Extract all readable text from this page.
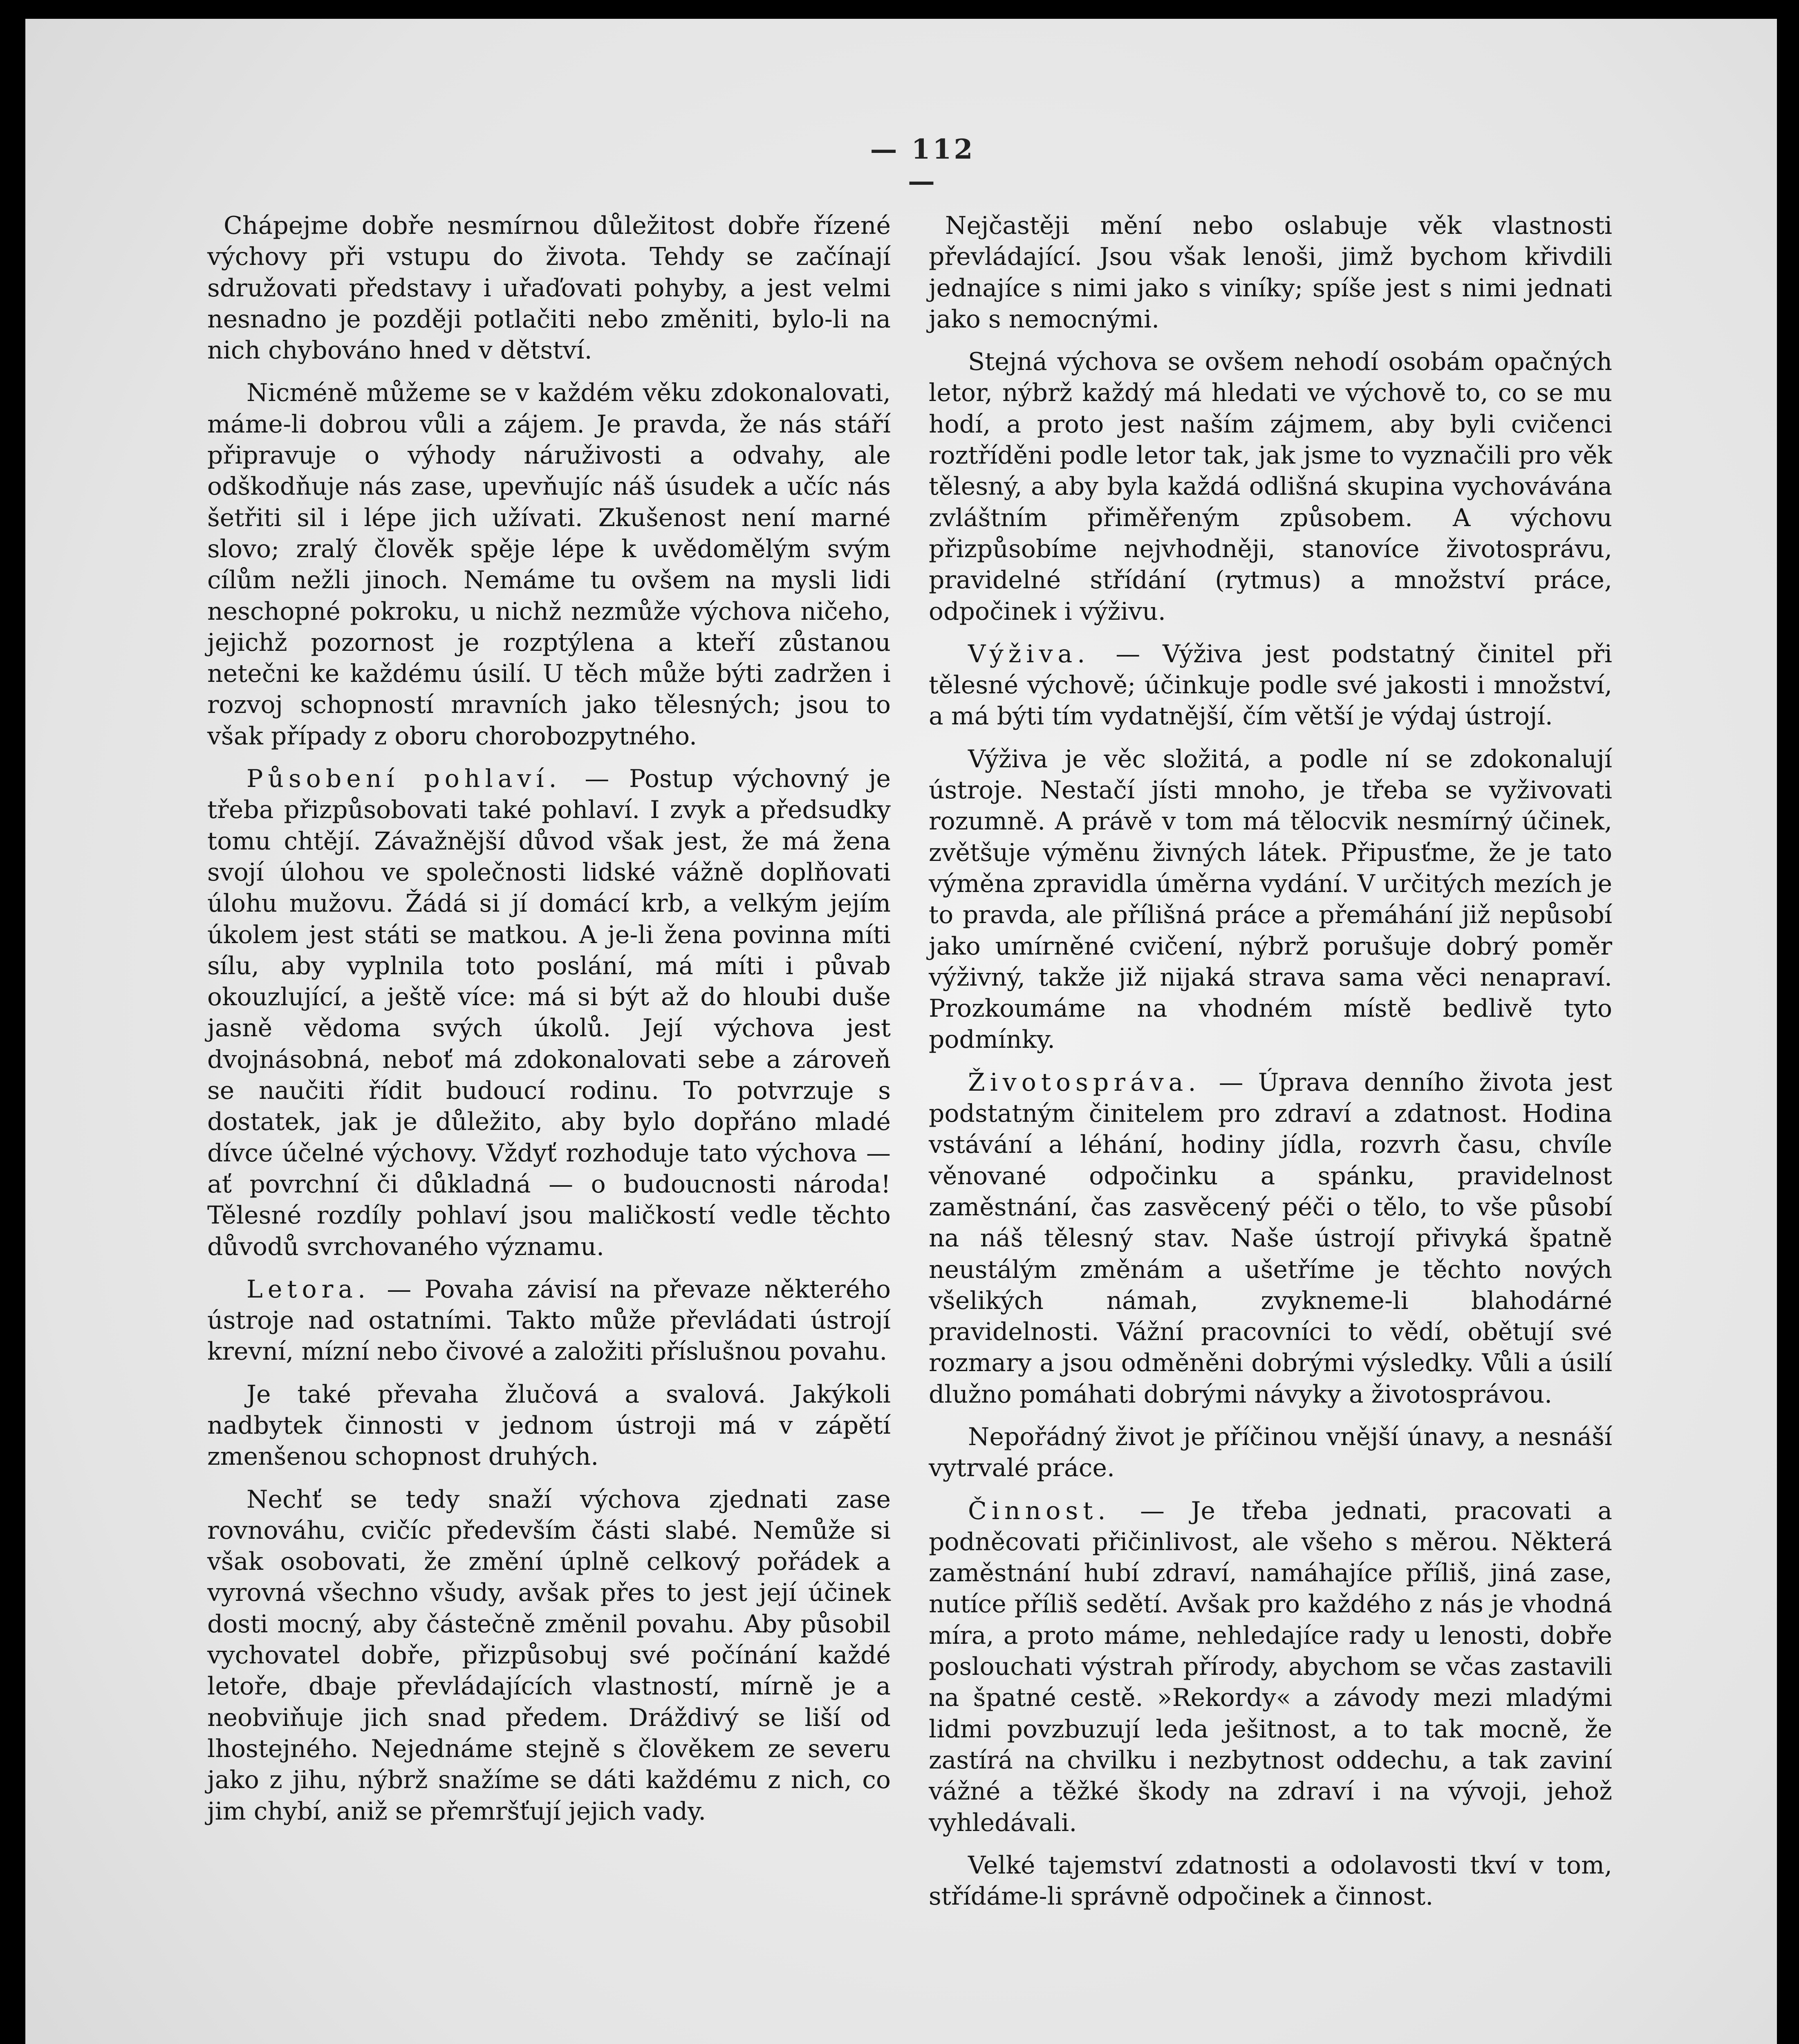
— 112 —

Chápejme dobře nesmírnou důležitost dobře řízené výchovy při vstupu do života. Tehdy se začínají sdružovati představy i uřaďovati pohyby, a jest velmi nesnadno je později potlačiti nebo změniti, bylo-li na nich chybováno hned v dětství.

Nicméně můžeme se v každém věku zdokonalovati, máme-li dobrou vůli a zájem. Je pravda, že nás stáří připravuje o výhody náruživosti a odvahy, ale odškodňuje nás zase, upevňujíc náš úsudek a učíc nás šetřiti sil i lépe jich užívati. Zkušenost není marné slovo; zralý člověk spěje lépe k uvědomělým svým cílům nežli jinoch. Nemáme tu ovšem na mysli lidi neschopné pokroku, u nichž nezmůže výchova ničeho, jejichž pozornost je rozptýlena a kteří zůstanou netečni ke každému úsilí. U těch může býti zadržen i rozvoj schopností mravních jako tělesných; jsou to však případy z oboru chorobozpytného.

Působení pohlaví. — Postup výchovný je třeba přizpůsobovati také pohlaví. I zvyk a předsudky tomu chtějí. Závažnější důvod však jest, že má žena svojí úlohou ve společnosti lidské vážně doplňovati úlohu mužovu. Žádá si jí domácí krb, a velkým jejím úkolem jest státi se matkou. A je-li žena povinna míti sílu, aby vyplnila toto poslání, má míti i půvab okouzlující, a ještě více: má si být až do hloubi duše jasně vědoma svých úkolů. Její výchova jest dvojnásobná, neboť má zdokonalovati sebe a zároveň se naučiti řídit budoucí rodinu. To potvrzuje s dostatek, jak je důležito, aby bylo dopřáno mladé dívce účelné výchovy. Vždyť rozhoduje tato výchova — ať povrchní či důkladná — o budoucnosti národa! Tělesné rozdíly pohlaví jsou maličkostí vedle těchto důvodů svrchovaného významu.

Letora. — Povaha závisí na převaze některého ústroje nad ostatními. Takto může převládati ústrojí krevní, mízní nebo čivové a založiti příslušnou povahu.

Je také převaha žlučová a svalová. Jakýkoli nadbytek činnosti v jednom ústroji má v zápětí zmenšenou schopnost druhých.

Nechť se tedy snaží výchova zjednati zase rovnováhu, cvičíc především části slabé. Nemůže si však osobovati, že změní úplně celkový pořádek a vyrovná všechno všudy, avšak přes to jest její účinek dosti mocný, aby částečně změnil povahu. Aby působil vychovatel dobře, přizpůsobuj své počínání každé letoře, dbaje převládajících vlastností, mírně je a neobviňuje jich snad předem. Dráždivý se liší od lhostejného. Nejednáme stejně s člověkem ze severu jako z jihu, nýbrž snažíme se dáti každému z nich, co jim chybí, aniž se přemršťují jejich vady.

Nejčastěji mění nebo oslabuje věk vlastnosti převládající. Jsou však lenoši, jimž bychom křivdili jednajíce s nimi jako s viníky; spíše jest s nimi jednati jako s nemocnými.

Stejná výchova se ovšem nehodí osobám opačných letor, nýbrž každý má hledati ve výchově to, co se mu hodí, a proto jest naším zájmem, aby byli cvičenci roztříděni podle letor tak, jak jsme to vyznačili pro věk tělesný, a aby byla každá odlišná skupina vychovávána zvláštním přiměřeným způsobem. A výchovu přizpůsobíme nejvhodněji, stanovíce životosprávu, pravidelné střídání (rytmus) a množství práce, odpočinek i výživu.

Výživa. — Výživa jest podstatný činitel při tělesné výchově; účinkuje podle své jakosti i množství, a má býti tím vydatnější, čím větší je výdaj ústrojí.

Výživa je věc složitá, a podle ní se zdokonalují ústroje. Nestačí jísti mnoho, je třeba se vyživovati rozumně. A právě v tom má tělocvik nesmírný účinek, zvětšuje výměnu živných látek. Připusťme, že je tato výměna zpravidla úměrna vydání. V určitých mezích je to pravda, ale přílišná práce a přemáhání již nepůsobí jako umírněné cvičení, nýbrž porušuje dobrý poměr výživný, takže již nijaká strava sama věci nenapraví. Prozkoumáme na vhodném místě bedlivě tyto podmínky.

Životospráva. — Úprava denního života jest podstatným činitelem pro zdraví a zdatnost. Hodina vstávání a léhání, hodiny jídla, rozvrh času, chvíle věnované odpočinku a spánku, pravidelnost zaměstnání, čas zasvěcený péči o tělo, to vše působí na náš tělesný stav. Naše ústrojí přivyká špatně neustálým změnám a ušetříme je těchto nových všelikých námah, zvykneme-li blahodárné pravidelnosti. Vážní pracovníci to vědí, obětují své rozmary a jsou odměněni dobrými výsledky. Vůli a úsilí dlužno pomáhati dobrými návyky a životosprávou.

Nepořádný život je příčinou vnější únavy, a nesnáší vytrvalé práce.

Činnost. — Je třeba jednati, pracovati a podněcovati přičinlivost, ale všeho s měrou. Některá zaměstnání hubí zdraví, namáhajíce příliš, jiná zase, nutíce příliš sedětí. Avšak pro každého z nás je vhodná míra, a proto máme, nehledajíce rady u lenosti, dobře poslouchati výstrah přírody, abychom se včas zastavili na špatné cestě. »Rekordy« a závody mezi mladými lidmi povzbuzují leda ješitnost, a to tak mocně, že zastírá na chvilku i nezbytnost oddechu, a tak zaviní vážné a těžké škody na zdraví i na vývoji, jehož vyhledávali.

Velké tajemství zdatnosti a odolavosti tkví v tom, střídáme-li správně odpočinek a činnost.
